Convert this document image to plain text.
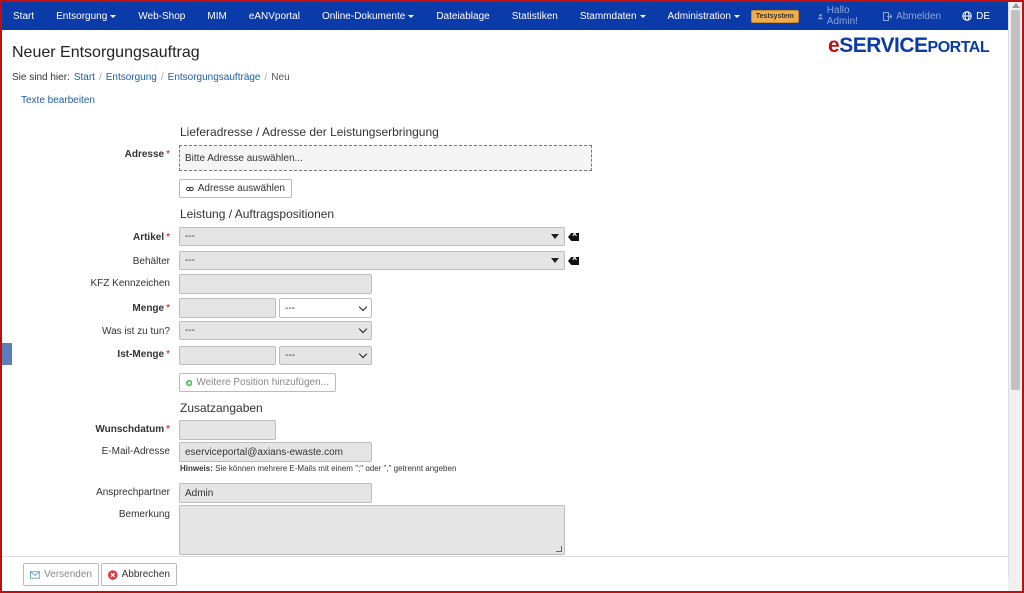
Start Entsorgung	Web-Shop MIM eANVportal Online-Dokumente	Dateiablage Statistiken Stammdaten	Administration	Testsystem	Hallo Admin!	Abmelden	DE
Neuer Entsorgungsauftrag	eSERVICEPORTAL
Sie sind hier: Start / Entsorgung / Entsorgungsaufträge / Neu
Texte bearbeiten
Lieferadresse / Adresse der Leistungserbringung
Adresse *	Bitte Adresse auswählen...
Adresse auswählen
Leistung / Auftragspositionen
Artikel * ---
×
Behälter ---
×
KFZ Kennzeichen
Menge *	---
Was ist zu tun? ---
Ist-Menge *	---
Weitere Position hinzufügen...
Zusatzangaben
Wunschdatum *
E-Mail-Adresse	eserviceportal@axians-ewaste.com
Hinweis: Sie können mehrere E-Mails mit einem ";" oder "," getrennt angeben
Ansprechpartner	Admin
Bemerkung
Versenden	Abbrechen
